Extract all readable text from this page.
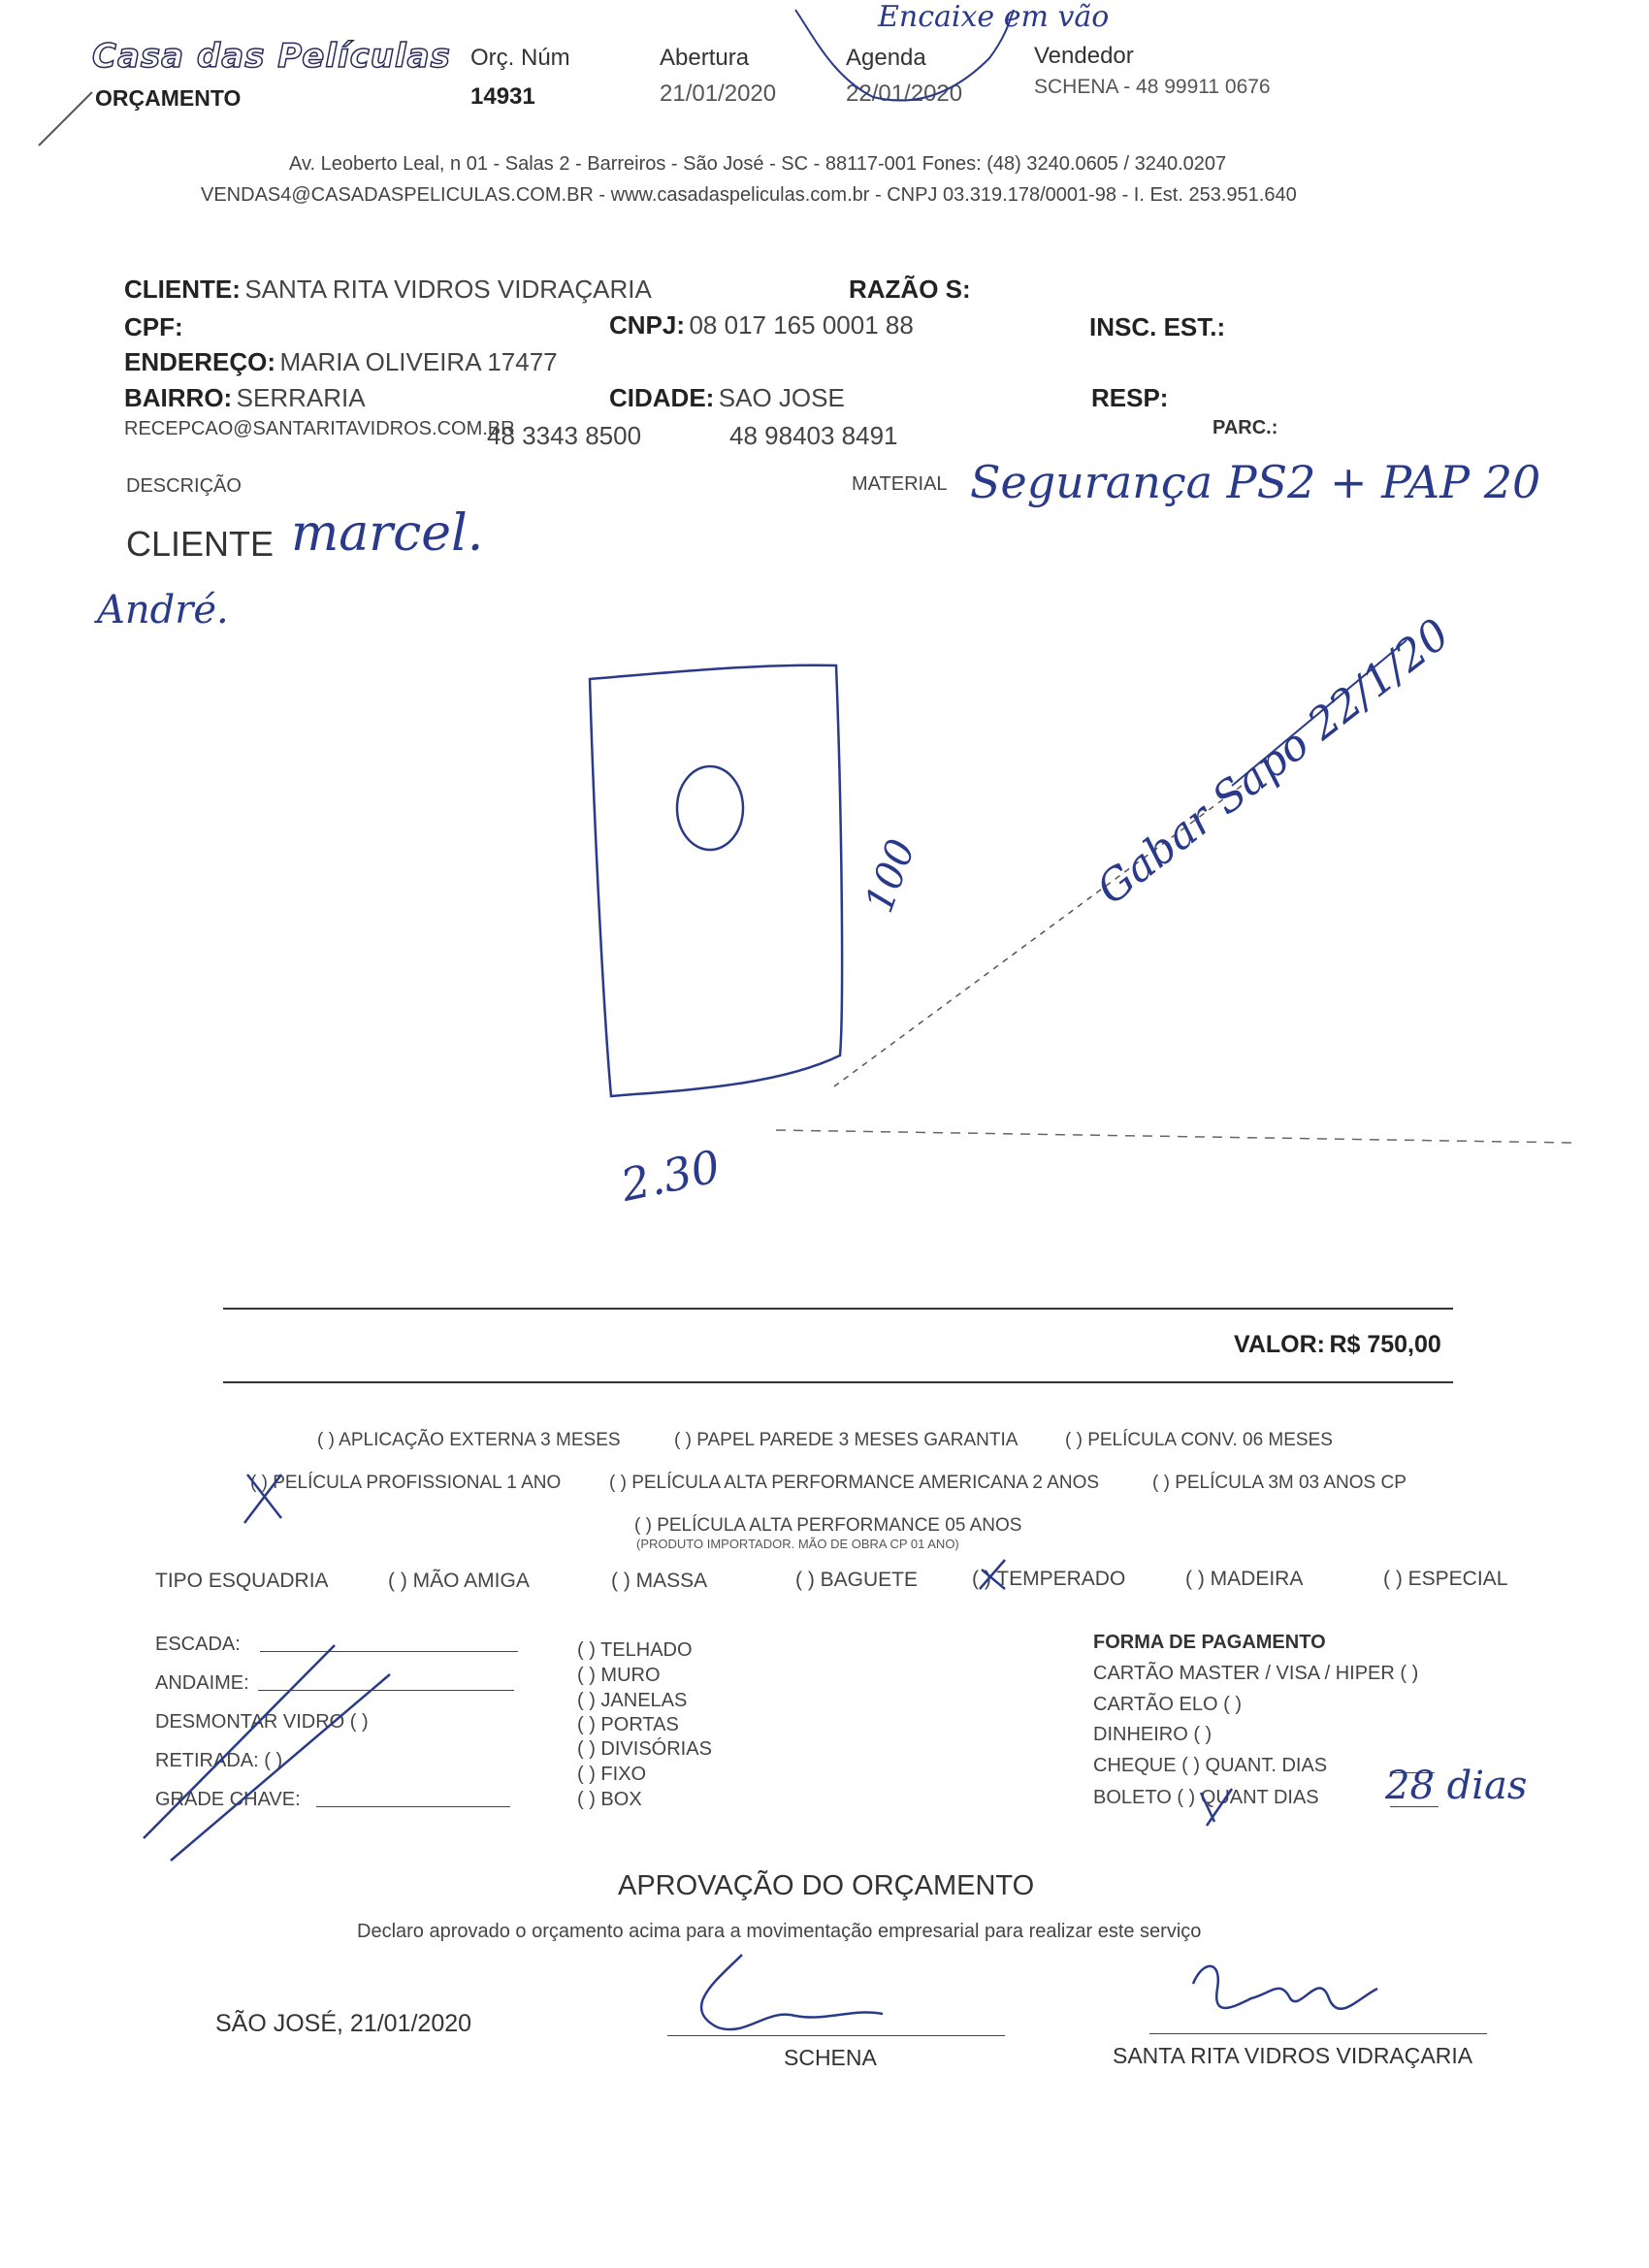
Casa das Películas
ORÇAMENTO
Orç. Núm
14931
Abertura
21/01/2020
Agenda
22/01/2020
Vendedor
SCHENA - 48 99911 0676
Av. Leoberto Leal, n 01 - Salas 2 - Barreiros - São José - SC - 88117-001 Fones: (48) 3240.0605 / 3240.0207
VENDAS4@CASADASPELICULAS.COM.BR - www.casadaspeliculas.com.br - CNPJ 03.319.178/0001-98 - I. Est. 253.951.640
Encaixe em vão
CLIENTE: SANTA RITA VIDROS VIDRAÇARIA	RAZÃO S:
CPF:	CNPJ: 08 017 165 0001 88	INSC. EST.:
ENDEREÇO: MARIA OLIVEIRA 17477
BAIRRO: SERRARIA	CIDADE: SAO JOSE	RESP:
RECEPCAO@SANTARITAVIDROS.COM.BR
48 3343 8500	48 98403 8491	PARC.:
DESCRIÇÃO	MATERIAL Segurança PS2 + PAP 20
CLIENTE marcel.
André.
100
2.30
Gabar Sapo 22/1/20
VALOR: R$ 750,00
( ) APLICAÇÃO EXTERNA 3 MESES	( ) PAPEL PAREDE 3 MESES GARANTIA	( ) PELÍCULA CONV. 06 MESES
( ) PELÍCULA PROFISSIONAL 1 ANO	( ) PELÍCULA ALTA PERFORMANCE AMERICANA 2 ANOS	( ) PELÍCULA 3M 03 ANOS CP
( ) PELÍCULA ALTA PERFORMANCE 05 ANOS
(PRODUTO IMPORTADOR. MÃO DE OBRA CP 01 ANO)
TIPO ESQUADRIA	( ) MÃO AMIGA	( ) MASSA	( ) BAGUETE	( ) TEMPERADO	( ) MADEIRA	( ) ESPECIAL
ESCADA:
ANDAIME:
DESMONTAR VIDRO ( )
RETIRADA: ( )
GRADE CHAVE:
( ) TELHADO
( ) MURO
( ) JANELAS
( ) PORTAS
( ) DIVISÓRIAS
( ) FIXO
( ) BOX
FORMA DE PAGAMENTO
CARTÃO MASTER / VISA / HIPER ( )
CARTÃO ELO ( )
DINHEIRO ( )
CHEQUE ( ) QUANT. DIAS
BOLETO ( ) QUANT DIAS 28 dias
APROVAÇÃO DO ORÇAMENTO
Declaro aprovado o orçamento acima para a movimentação empresarial para realizar este serviço
SÃO JOSÉ, 21/01/2020
SCHENA	SANTA RITA VIDROS VIDRAÇARIA
